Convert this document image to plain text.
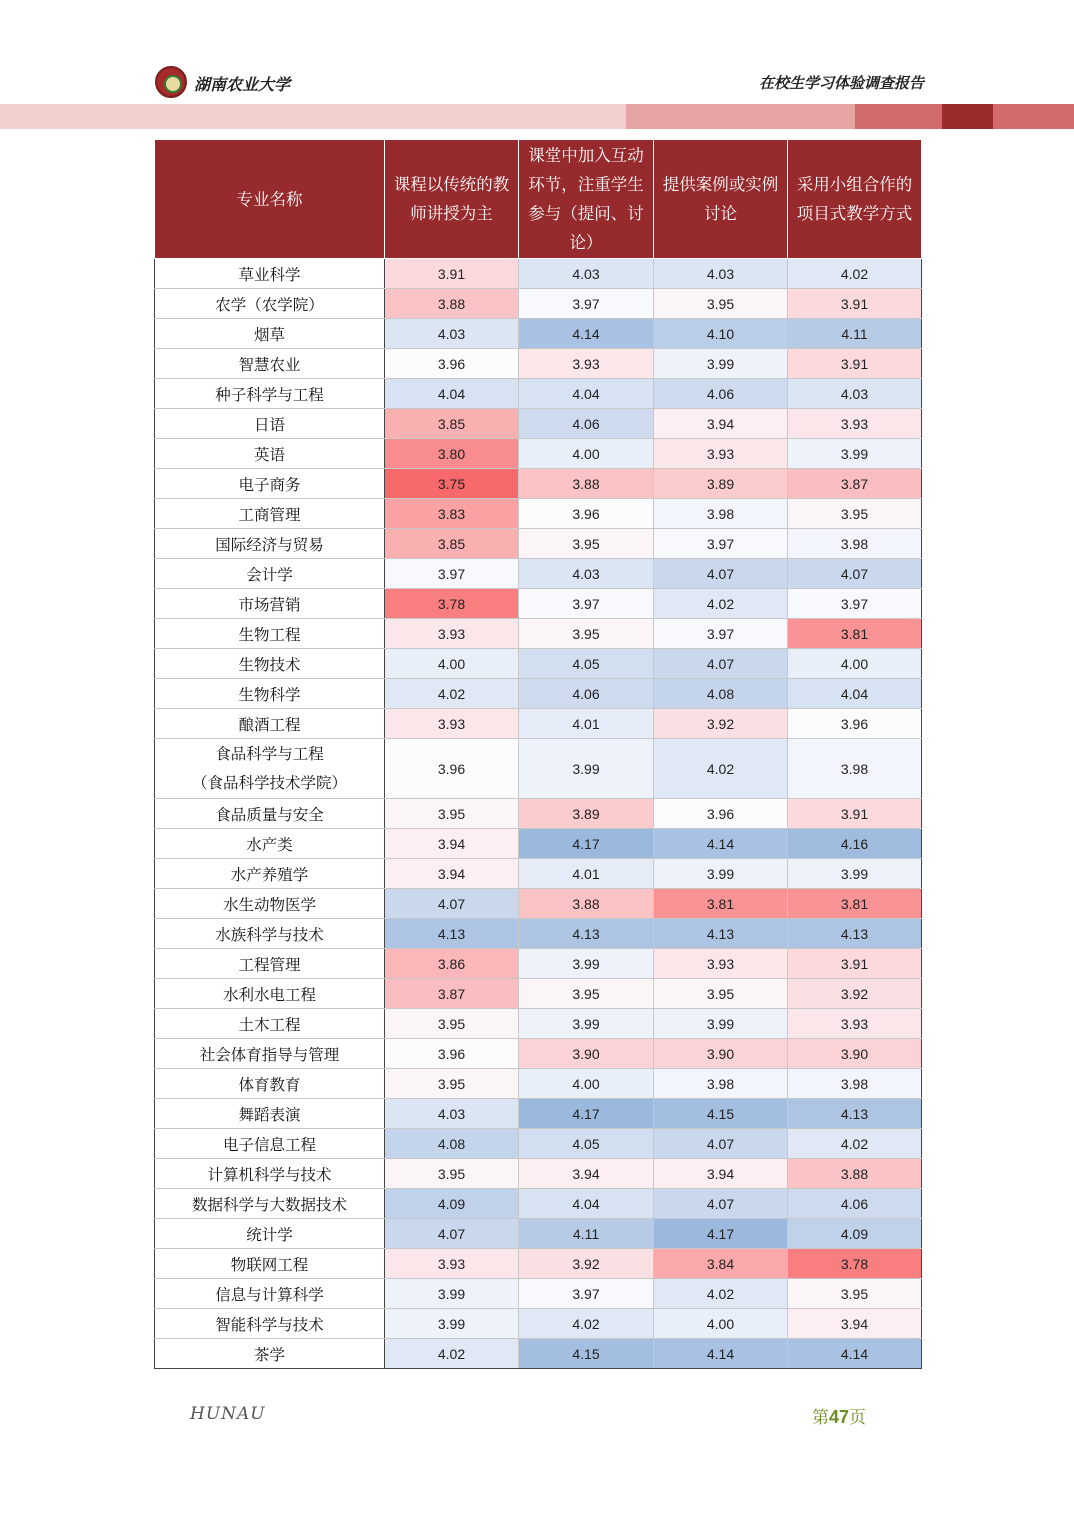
湖南农业大学	在校生学习体验调查报告
专业名称	课程以传统的教师讲授为主	课堂中加入互动环节，注重学生参与（提问、讨论）	提供案例或实例讨论	采用小组合作的项目式教学方式
草业科学	3.91	4.03	4.03	4.02
农学（农学院）	3.88	3.97	3.95	3.91
烟草	4.03	4.14	4.10	4.11
智慧农业	3.96	3.93	3.99	3.91
种子科学与工程	4.04	4.04	4.06	4.03
日语	3.85	4.06	3.94	3.93
英语	3.80	4.00	3.93	3.99
电子商务	3.75	3.88	3.89	3.87
工商管理	3.83	3.96	3.98	3.95
国际经济与贸易	3.85	3.95	3.97	3.98
会计学	3.97	4.03	4.07	4.07
市场营销	3.78	3.97	4.02	3.97
生物工程	3.93	3.95	3.97	3.81
生物技术	4.00	4.05	4.07	4.00
生物科学	4.02	4.06	4.08	4.04
酿酒工程	3.93	4.01	3.92	3.96
食品科学与工程
（食品科学技术学院）	3.96	3.99	4.02	3.98
食品质量与安全	3.95	3.89	3.96	3.91
水产类	3.94	4.17	4.14	4.16
水产养殖学	3.94	4.01	3.99	3.99
水生动物医学	4.07	3.88	3.81	3.81
水族科学与技术	4.13	4.13	4.13	4.13
工程管理	3.86	3.99	3.93	3.91
水利水电工程	3.87	3.95	3.95	3.92
土木工程	3.95	3.99	3.99	3.93
社会体育指导与管理	3.96	3.90	3.90	3.90
体育教育	3.95	4.00	3.98	3.98
舞蹈表演	4.03	4.17	4.15	4.13
电子信息工程	4.08	4.05	4.07	4.02
计算机科学与技术	3.95	3.94	3.94	3.88
数据科学与大数据技术	4.09	4.04	4.07	4.06
统计学	4.07	4.11	4.17	4.09
物联网工程	3.93	3.92	3.84	3.78
信息与计算科学	3.99	3.97	4.02	3.95
智能科学与技术	3.99	4.02	4.00	3.94
茶学	4.02	4.15	4.14	4.14
HUNAU	第47页
